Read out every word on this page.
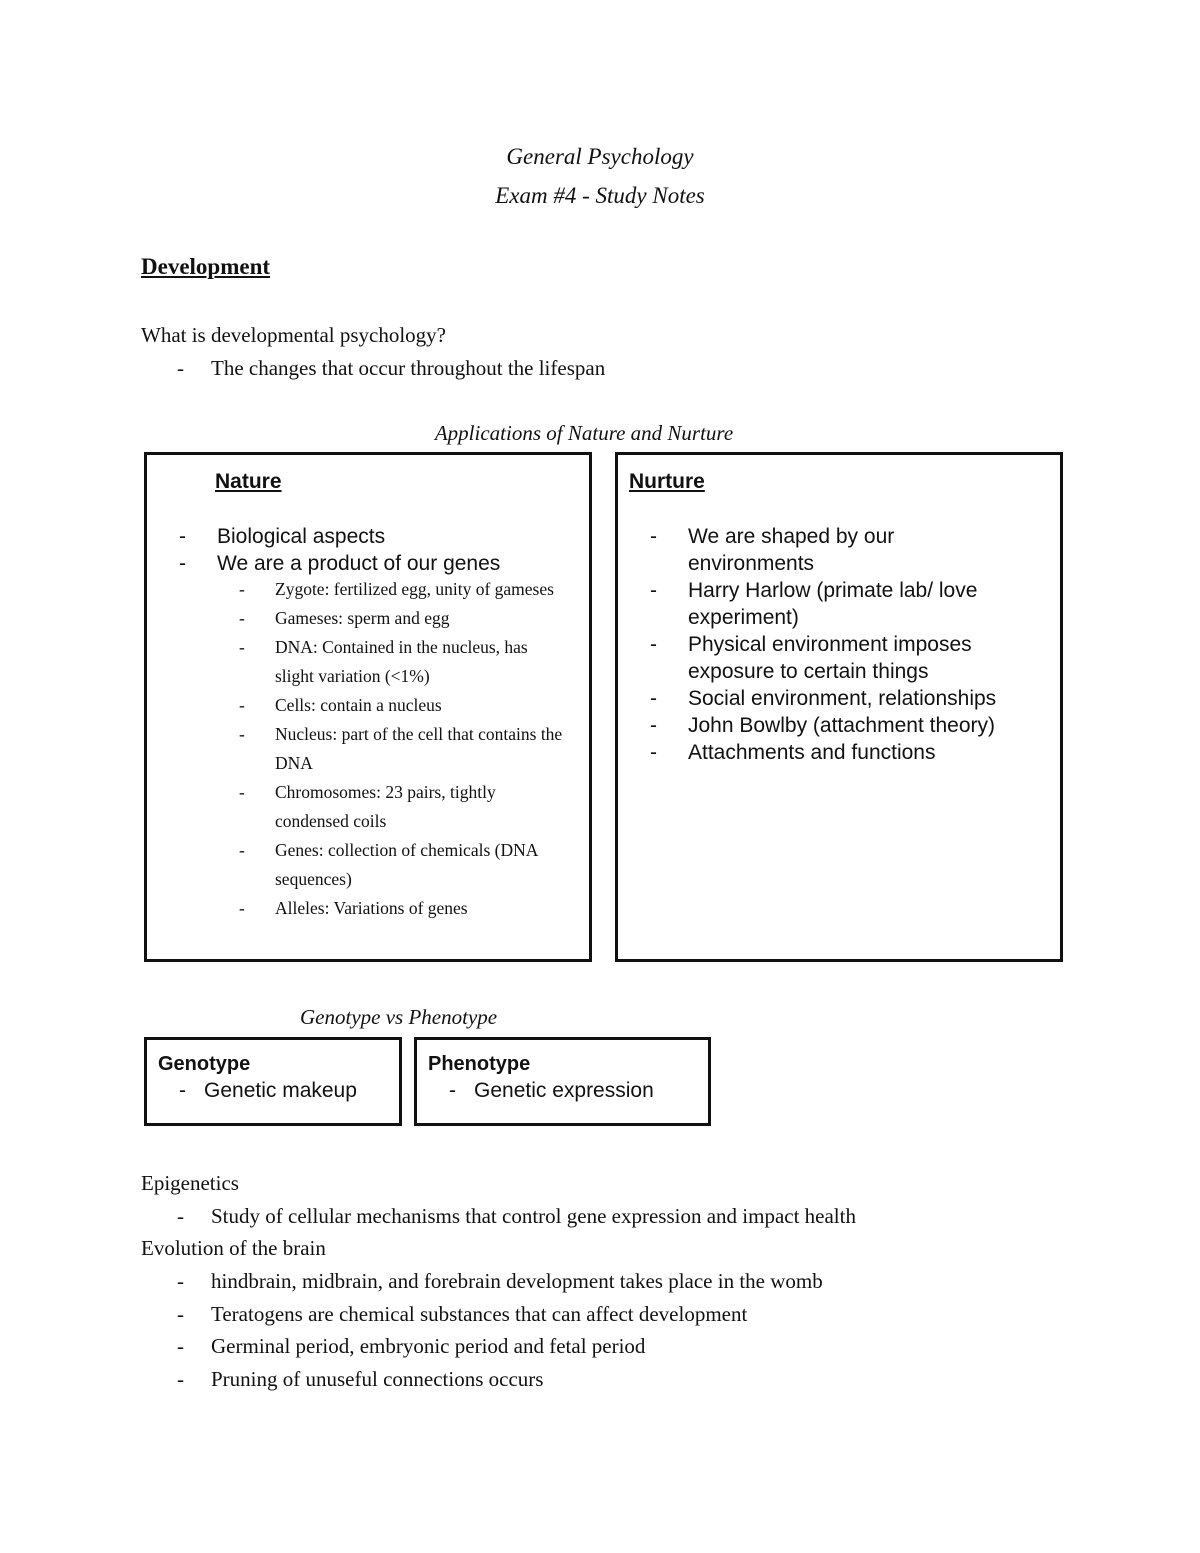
General Psychology
Exam #4 - Study Notes
Development
What is developmental psychology?
-	The changes that occur throughout the lifespan
Applications of Nature and Nurture
Nature
-	Biological aspects
-	We are a product of our genes
-	Zygote: fertilized egg, unity of gameses
-	Gameses: sperm and egg
-	DNA: Contained in the nucleus, has slight variation (<1%)
-	Cells: contain a nucleus
-	Nucleus: part of the cell that contains the DNA
-	Chromosomes: 23 pairs, tightly condensed coils
-	Genes: collection of chemicals (DNA sequences)
-	Alleles: Variations of genes
Nurture
-	We are shaped by our environments
-	Harry Harlow (primate lab/ love experiment)
-	Physical environment imposes exposure to certain things
-	Social environment, relationships
-	John Bowlby (attachment theory)
-	Attachments and functions
Genotype vs Phenotype
Genotype
- Genetic makeup
Phenotype
- Genetic expression
Epigenetics
-	Study of cellular mechanisms that control gene expression and impact health
Evolution of the brain
-	hindbrain, midbrain, and forebrain development takes place in the womb
-	Teratogens are chemical substances that can affect development
-	Germinal period, embryonic period and fetal period
-	Pruning of unuseful connections occurs
